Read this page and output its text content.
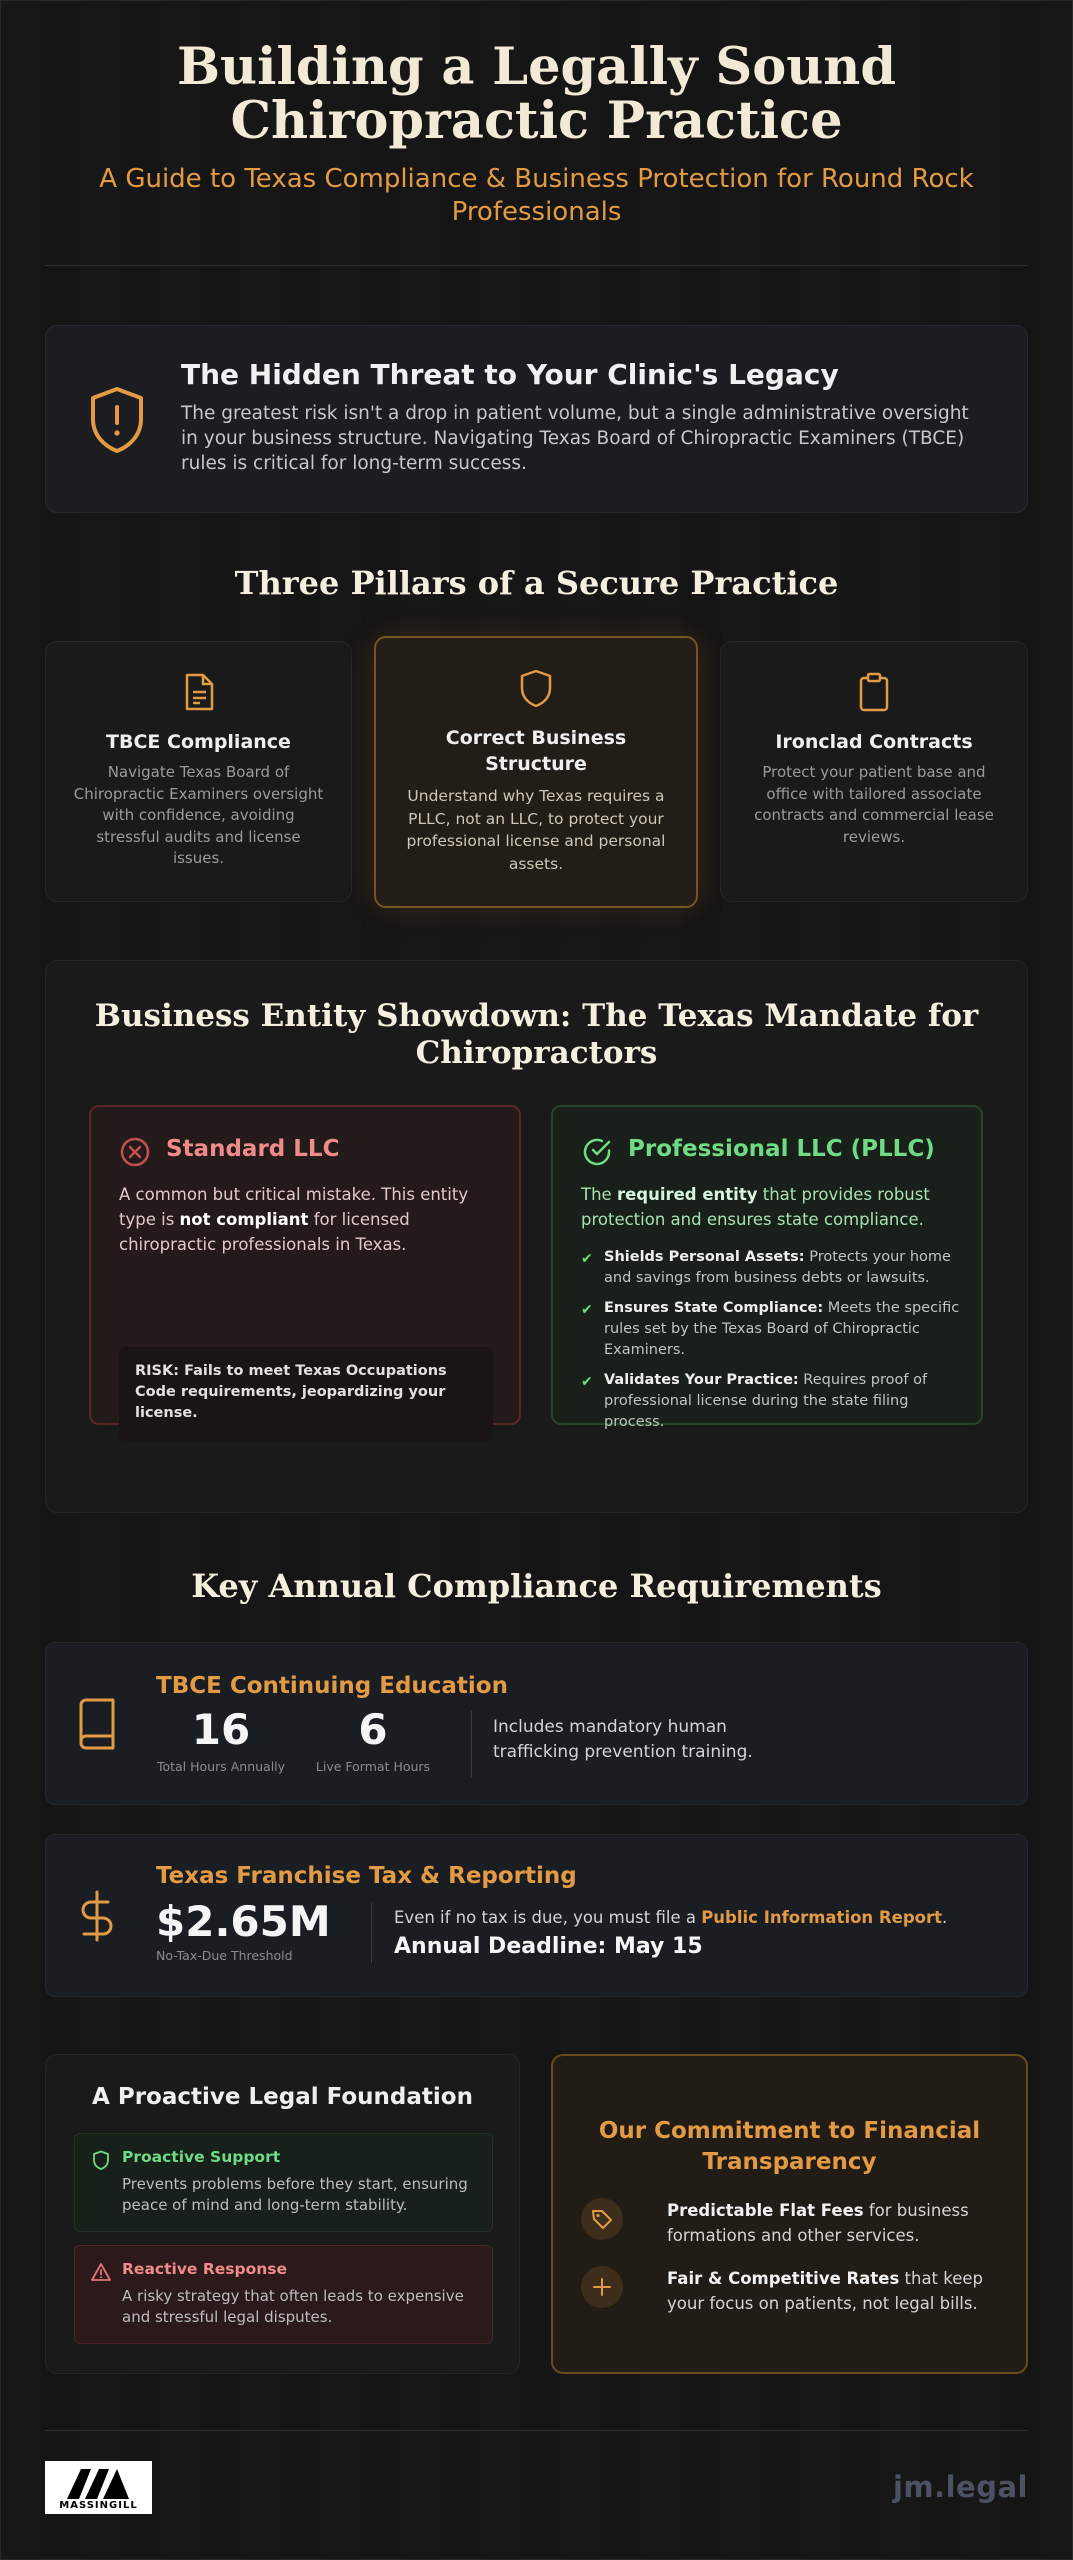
Building a Legally Sound Chiropractic Practice
A Guide to Texas Compliance & Business Protection for Round Rock Professionals
The Hidden Threat to Your Clinic's Legacy
The greatest risk isn't a drop in patient volume, but a single administrative oversight in your business structure. Navigating Texas Board of Chiropractic Examiners (TBCE) rules is critical for long-term success.
Three Pillars of a Secure Practice
TBCE Compliance
Navigate Texas Board of Chiropractic Examiners oversight with confidence, avoiding stressful audits and license issues.
Correct Business Structure
Understand why Texas requires a PLLC, not an LLC, to protect your professional license and personal assets.
Ironclad Contracts
Protect your patient base and office with tailored associate contracts and commercial lease reviews.
Business Entity Showdown: The Texas Mandate for Chiropractors
Standard LLC
A common but critical mistake. This entity type is not compliant for licensed chiropractic professionals in Texas.
RISK: Fails to meet Texas Occupations Code requirements, jeopardizing your license.
Professional LLC (PLLC)
The required entity that provides robust protection and ensures state compliance.
✔ Shields Personal Assets: Protects your home and savings from business debts or lawsuits.
✔ Ensures State Compliance: Meets the specific rules set by the Texas Board of Chiropractic Examiners.
✔ Validates Your Practice: Requires proof of professional license during the state filing process.
Key Annual Compliance Requirements
TBCE Continuing Education
16
Total Hours Annually
6
Live Format Hours
Includes mandatory human trafficking prevention training.
Texas Franchise Tax & Reporting
$2.65M
No-Tax-Due Threshold
Even if no tax is due, you must file a Public Information Report.
Annual Deadline: May 15
A Proactive Legal Foundation
Proactive Support
Prevents problems before they start, ensuring peace of mind and long-term stability.
Reactive Response
A risky strategy that often leads to expensive and stressful legal disputes.
Our Commitment to Financial Transparency
Predictable Flat Fees for business formations and other services.
Fair & Competitive Rates that keep your focus on patients, not legal bills.
MASSINGILL
jm.legal
